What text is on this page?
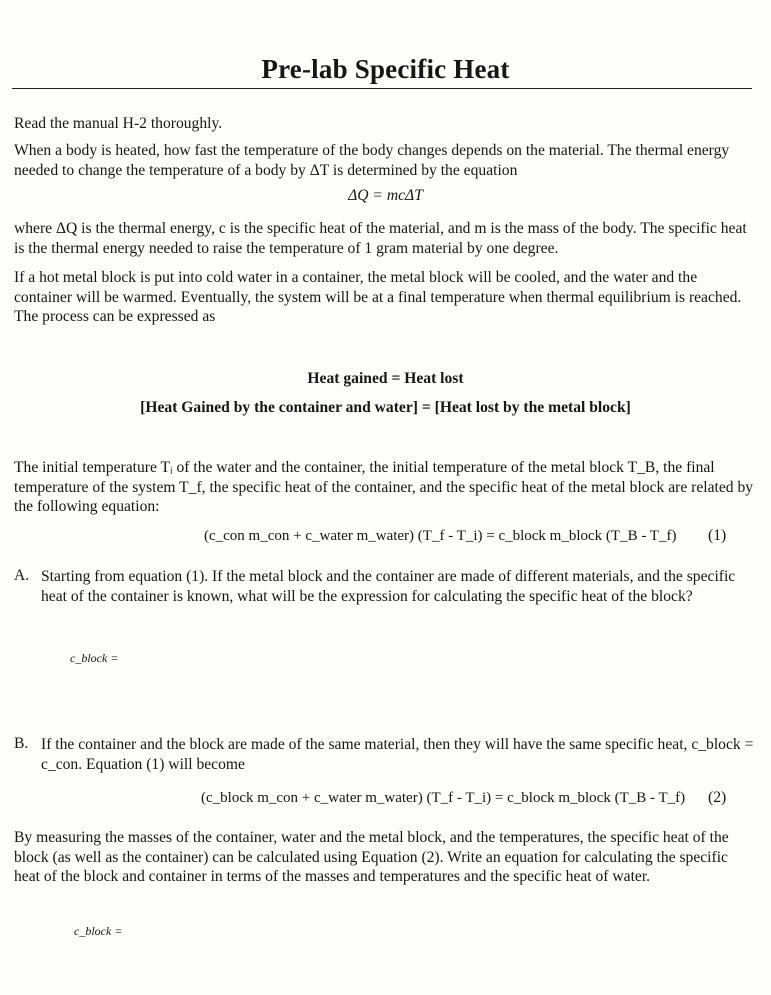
Pre-lab Specific Heat
Read the manual H-2 thoroughly.
When a body is heated, how fast the temperature of the body changes depends on the material. The thermal energy needed to change the temperature of a body by ΔT is determined by the equation
ΔQ = mcΔT
where ΔQ is the thermal energy, c is the specific heat of the material, and m is the mass of the body. The specific heat is the thermal energy needed to raise the temperature of 1 gram material by one degree.
If a hot metal block is put into cold water in a container, the metal block will be cooled, and the water and the container will be warmed. Eventually, the system will be at a final temperature when thermal equilibrium is reached. The process can be expressed as
Heat gained = Heat lost
[Heat Gained by the container and water] = [Heat lost by the metal block]
The initial temperature Tᵢ of the water and the container, the initial temperature of the metal block T_B, the final temperature of the system T_f, the specific heat of the container, and the specific heat of the metal block are related by the following equation:
(c_con m_con + c_water m_water) (T_f - T_i) = c_block m_block (T_B - T_f) (1)
A. Starting from equation (1). If the metal block and the container are made of different materials, and the specific heat of the container is known, what will be the expression for calculating the specific heat of the block?
c_block =
B. If the container and the block are made of the same material, then they will have the same specific heat, c_block = c_con. Equation (1) will become
(c_block m_con + c_water m_water) (T_f - T_i) = c_block m_block (T_B - T_f) (2)
By measuring the masses of the container, water and the metal block, and the temperatures, the specific heat of the block (as well as the container) can be calculated using Equation (2). Write an equation for calculating the specific heat of the block and container in terms of the masses and temperatures and the specific heat of water.
c_block =
